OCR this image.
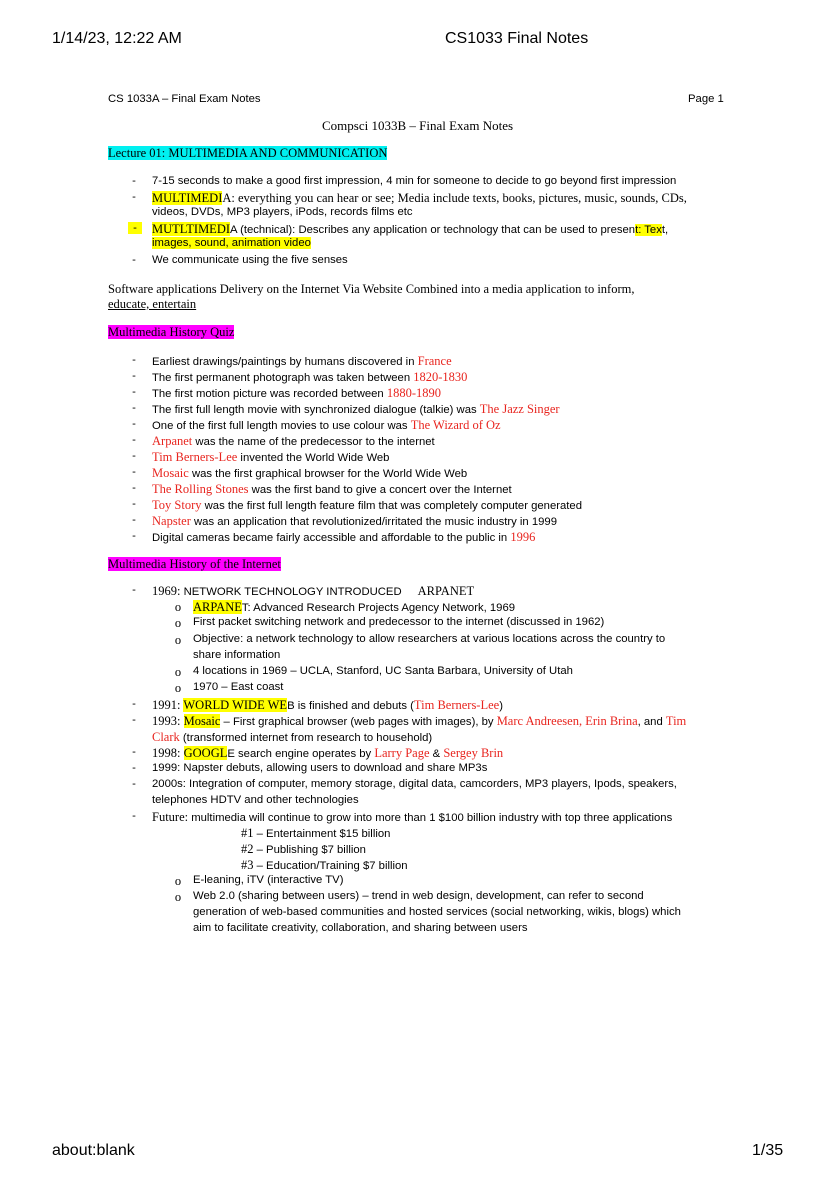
1/14/23, 12:22 AM	CS1033 Final Notes
about:blank	1/35
CS 1033A – Final Exam Notes	Page 1
Compsci 1033B – Final Exam Notes
Lecture 01: MULTIMEDIA AND COMMUNICATION
- 7-15 seconds to make a good first impression, 4 min for someone to decide to go beyond first impression
- MULTIMEDIA: everything you can hear or see; Media include texts, books, pictures, music, sounds, CDs,
videos, DVDs, MP3 players, iPods, records films etc
-	MUTLTIMEDIA (technical): Describes any application or technology that can be used to present: Text,
images, sound, animation video
- We communicate using the five senses
Software applications Delivery on the Internet Via Website Combined into a media application to inform,
educate, entertain
Multimedia History Quiz
- Earliest drawings/paintings by humans discovered in France
- The first permanent photograph was taken between 1820-1830
- The first motion picture was recorded between 1880-1890
- The first full length movie with synchronized dialogue (talkie) was The Jazz Singer
- One of the first full length movies to use colour was The Wizard of Oz
- Arpanet was the name of the predecessor to the internet
- Tim Berners-Lee invented the World Wide Web
- Mosaic was the first graphical browser for the World Wide Web
- The Rolling Stones was the first band to give a concert over the Internet
- Toy Story was the first full length feature film that was completely computer generated
- Napster was an application that revolutionized/irritated the music industry in 1999
- Digital cameras became fairly accessible and affordable to the public in 1996
Multimedia History of the Internet
- 1969: NETWORK TECHNOLOGY INTRODUCED ARPANET
o ARPANET: Advanced Research Projects Agency Network, 1969
o First packet switching network and predecessor to the internet (discussed in 1962)
o Objective: a network technology to allow researchers at various locations across the country to
share information
o 4 locations in 1969 – UCLA, Stanford, UC Santa Barbara, University of Utah
o 1970 – East coast
- 1991: WORLD WIDE WEB is finished and debuts (Tim Berners-Lee)
- 1993: Mosaic – First graphical browser (web pages with images), by Marc Andreesen, Erin Brina, and Tim
Clark (transformed internet from research to household)
- 1998: GOOGLE search engine operates by Larry Page & Sergey Brin
- 1999: Napster debuts, allowing users to download and share MP3s
- 2000s: Integration of computer, memory storage, digital data, camcorders, MP3 players, Ipods, speakers,
telephones HDTV and other technologies
- Future: multimedia will continue to grow into more than 1 $100 billion industry with top three applications
#1 – Entertainment $15 billion
#2 – Publishing $7 billion
#3 – Education/Training $7 billion
o E-leaning, iTV (interactive TV)
o Web 2.0 (sharing between users) – trend in web design, development, can refer to second
generation of web-based communities and hosted services (social networking, wikis, blogs) which
aim to facilitate creativity, collaboration, and sharing between users
